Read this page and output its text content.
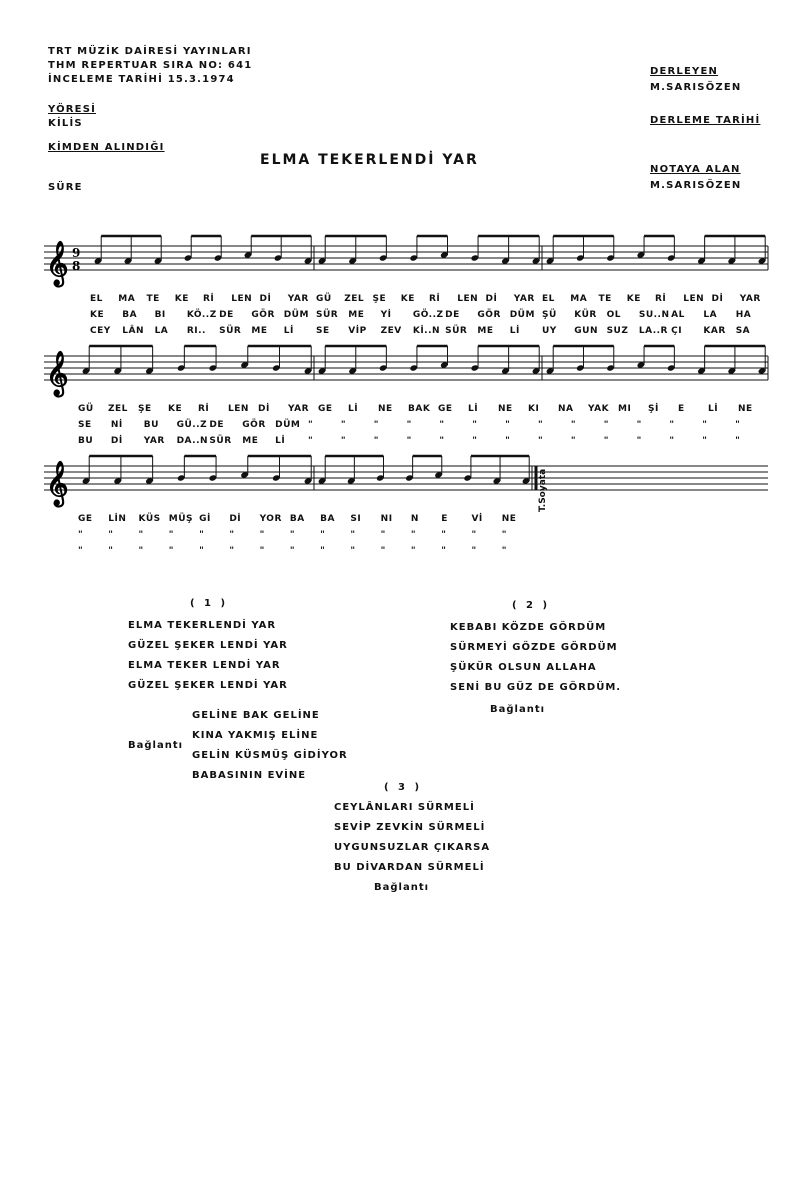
TRT MÜZİK DAİRESİ YAYINLARI
THM REPERTUAR SIRA NO: 641
İNCELEME TARİHİ 15.3.1974
YÖRESİ
KİLİS
KİMDEN ALINDIĞI
SÜRE
ELMA TEKERLENDİ YAR
DERLEYEN
M.SARISÖZEN
DERLEME TARİHİ
NOTAYA ALAN
M.SARISÖZEN
𝄞 9
8
EL MA TE KE Rİ LEN Dİ YAR GÜ ZEL ŞE KE Rİ LEN Dİ YAR EL MA TE KE Rİ LEN Dİ YAR
KE BA BI KÖ..Z DE GÖR DÜM SÜR ME Yİ GÖ..Z DE GÖR DÜM ŞÜ KÜR OL SU..N AL LA HA
CEY LÂN LA RI.. SÜR ME Lİ SE VİP ZEV Kİ..N SÜR ME Lİ UY GUN SUZ LA..R ÇI KAR SA
𝄞
GÜ ZEL ŞE KE Rİ LEN Dİ YAR GE Lİ NE BAK GE Lİ NE KI NA YAK MI Şİ E	Lİ NE
SE Nİ BU GÜ..Z DE GÖR DÜM "	"	"	"	"	"	"	"	"	"	"	"	"	"
BU Dİ YAR DA..N SÜR ME Lİ	"	"	"	"	"	"	"	"	"	"	"	"	"	"
𝄞
GE LİN KÜS MÜŞ Gİ Dİ YOR BA BA SI NI N E	Vİ NE
"	"	"	"	"	"	"	"	"	"	"	"	"	"	"
"	"	"	"	"	"	"	"	"	"	"	"	"	"	"
T.Soyata
( 1 )
ELMA TEKERLENDİ YAR
GÜZEL ŞEKER LENDİ YAR
ELMA TEKER LENDİ YAR
GÜZEL ŞEKER LENDİ YAR
Bağlantı
GELİNE BAK GELİNE
KINA YAKMIŞ ELİNE
GELİN KÜSMÜŞ GİDİYOR
BABASININ EVİNE
( 2 )
KEBABI KÖZDE GÖRDÜM
SÜRMEYİ GÖZDE GÖRDÜM
ŞÜKÜR OLSUN ALLAHA
SENİ BU GÜZ DE GÖRDÜM.
Bağlantı
( 3 )
CEYLÂNLARI SÜRMELİ
SEVİP ZEVKİN SÜRMELİ
UYGUNSUZLAR ÇIKARSA
BU DİVARDAN SÜRMELİ
Bağlantı
